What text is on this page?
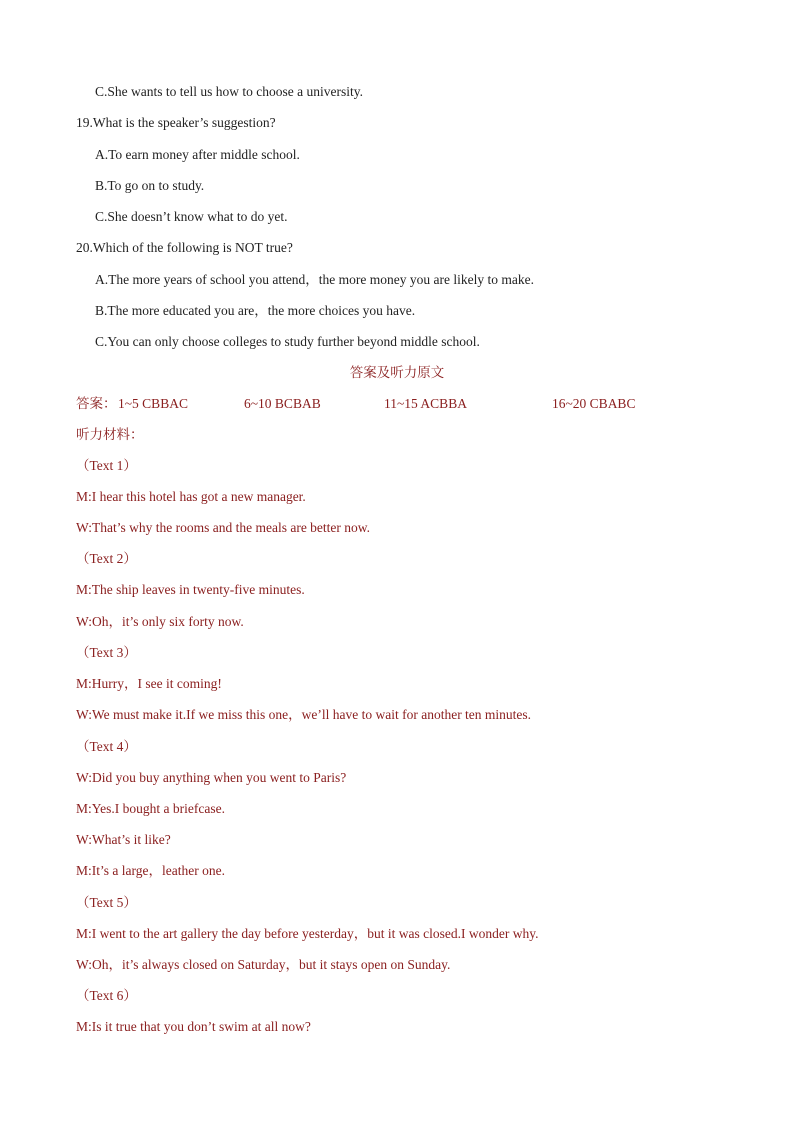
C.She wants to tell us how to choose a university.
19.What is the speaker’s suggestion?
A.To earn money after middle school.
B.To go on to study.
C.She doesn’t know what to do yet.
20.Which of the following is NOT true?
A.The more years of school you attend，the more money you are likely to make.
B.The more educated you are，the more choices you have.
C.You can only choose colleges to study further beyond middle school.
答案及听力原文
答案： 1~5 CBBAC	6~10 BCBAB	11~15 ACBBA	16~20 CBABC
听力材料：
（Text 1）
M:I hear this hotel has got a new manager.
W:That’s why the rooms and the meals are better now.
（Text 2）
M:The ship leaves in twenty-five minutes.
W:Oh，it’s only six forty now.
（Text 3）
M:Hurry，I see it coming!
W:We must make it.If we miss this one，we’ll have to wait for another ten minutes.
（Text 4）
W:Did you buy anything when you went to Paris?
M:Yes.I bought a briefcase.
W:What’s it like?
M:It’s a large，leather one.
（Text 5）
M:I went to the art gallery the day before yesterday，but it was closed.I wonder why.
W:Oh，it’s always closed on Saturday，but it stays open on Sunday.
（Text 6）
M:Is it true that you don’t swim at all now?
